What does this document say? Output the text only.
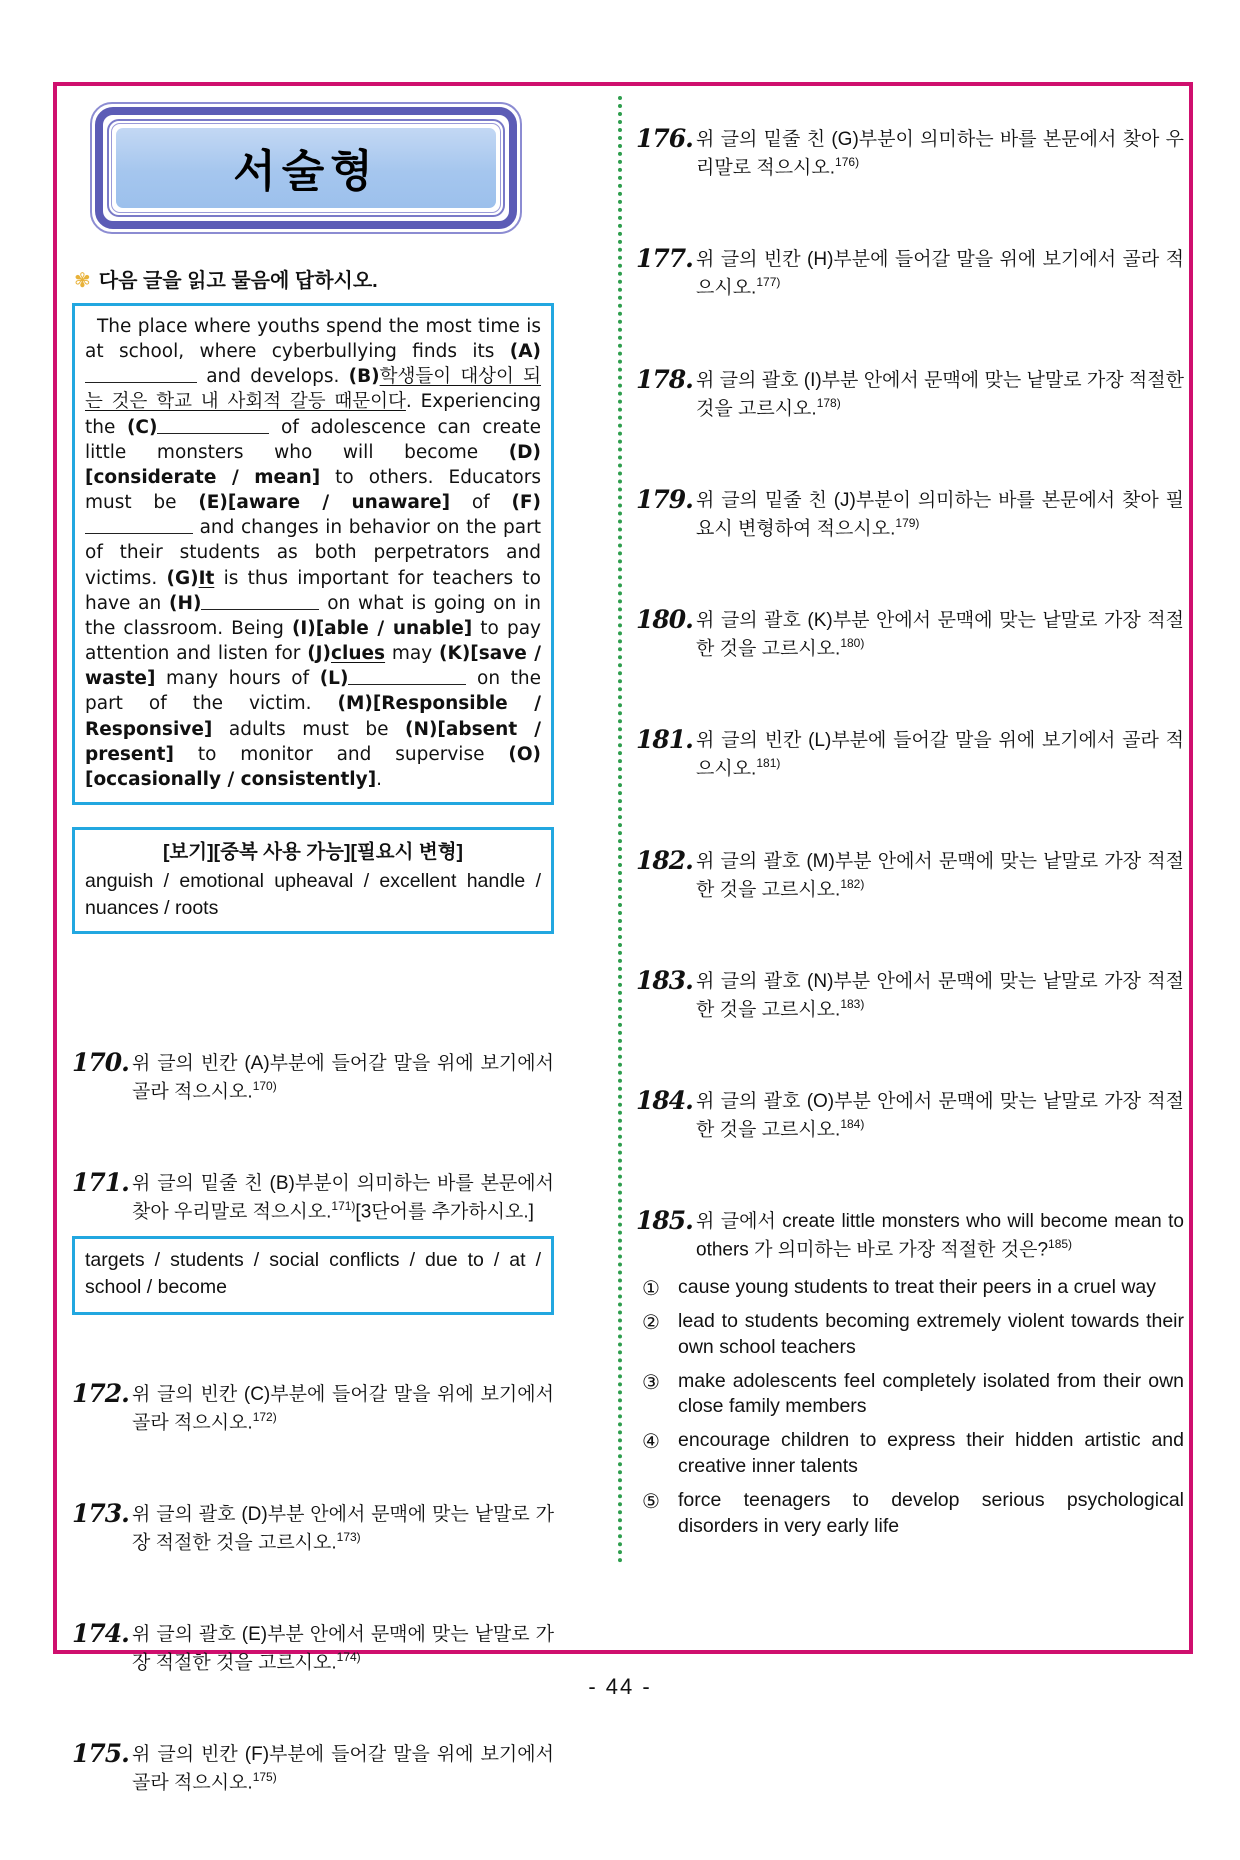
서술형
✾ 다음 글을 읽고 물음에 답하시오.
The place where youths spend the most time is at school, where cyberbullying finds its (A) and develops. (B)학생들이 대상이 되는 것은 학교 내 사회적 갈등 때문이다. Experiencing the (C)	of adolescence can create little monsters who will become (D)[considerate / mean] to others. Educators must be (E)[aware / unaware] of (F) and changes in behavior on the part of their students as both perpetrators and victims. (G)It is thus important for teachers to have an (H)	on what is going on in the classroom. Being (I)[able / unable] to pay attention and listen for (J)clues may (K)[save / waste] many hours of (L)	on the part of the victim. (M)[Responsible / Responsive] adults must be (N)[absent / present] to monitor and supervise (O)[occasionally / consistently].
[보기][중복 사용 가능][필요시 변형]
anguish / emotional upheaval / excellent handle / nuances / roots
170. 위 글의 빈칸 (A)부분에 들어갈 말을 위에 보기에서 골라 적으시오.$^{170)}$
171. 위 글의 밑줄 친 (B)부분이 의미하는 바를 본문에서 찾아 우리말로 적으시오.$^{171)}$[3단어를 추가하시오.]
targets / students / social conflicts / due to / at / school / become
172. 위 글의 빈칸 (C)부분에 들어갈 말을 위에 보기에서 골라 적으시오.$^{172)}$
173. 위 글의 괄호 (D)부분 안에서 문맥에 맞는 낱말로 가장 적절한 것을 고르시오.$^{173)}$
174. 위 글의 괄호 (E)부분 안에서 문맥에 맞는 낱말로 가장 적절한 것을 고르시오.$^{174)}$
175. 위 글의 빈칸 (F)부분에 들어갈 말을 위에 보기에서 골라 적으시오.$^{175)}$
176. 위 글의 밑줄 친 (G)부분이 의미하는 바를 본문에서 찾아 우리말로 적으시오.$^{176)}$
177. 위 글의 빈칸 (H)부분에 들어갈 말을 위에 보기에서 골라 적으시오.$^{177)}$
178. 위 글의 괄호 (I)부분 안에서 문맥에 맞는 낱말로 가장 적절한 것을 고르시오.$^{178)}$
179. 위 글의 밑줄 친 (J)부분이 의미하는 바를 본문에서 찾아 필요시 변형하여 적으시오.$^{179)}$
180. 위 글의 괄호 (K)부분 안에서 문맥에 맞는 낱말로 가장 적절한 것을 고르시오.$^{180)}$
181. 위 글의 빈칸 (L)부분에 들어갈 말을 위에 보기에서 골라 적으시오.$^{181)}$
182. 위 글의 괄호 (M)부분 안에서 문맥에 맞는 낱말로 가장 적절한 것을 고르시오.$^{182)}$
183. 위 글의 괄호 (N)부분 안에서 문맥에 맞는 낱말로 가장 적절한 것을 고르시오.$^{183)}$
184. 위 글의 괄호 (O)부분 안에서 문맥에 맞는 낱말로 가장 적절한 것을 고르시오.$^{184)}$
185. 위 글에서 create little monsters who will become mean to others 가 의미하는 바로 가장 적절한 것은?$^{185)}$
① cause young students to treat their peers in a cruel way
② lead to students becoming extremely violent towards their own school teachers
③ make adolescents feel completely isolated from their own close family members
④ encourage children to express their hidden artistic and creative inner talents
⑤ force teenagers to develop serious psychological disorders in very early life
- 44 -
